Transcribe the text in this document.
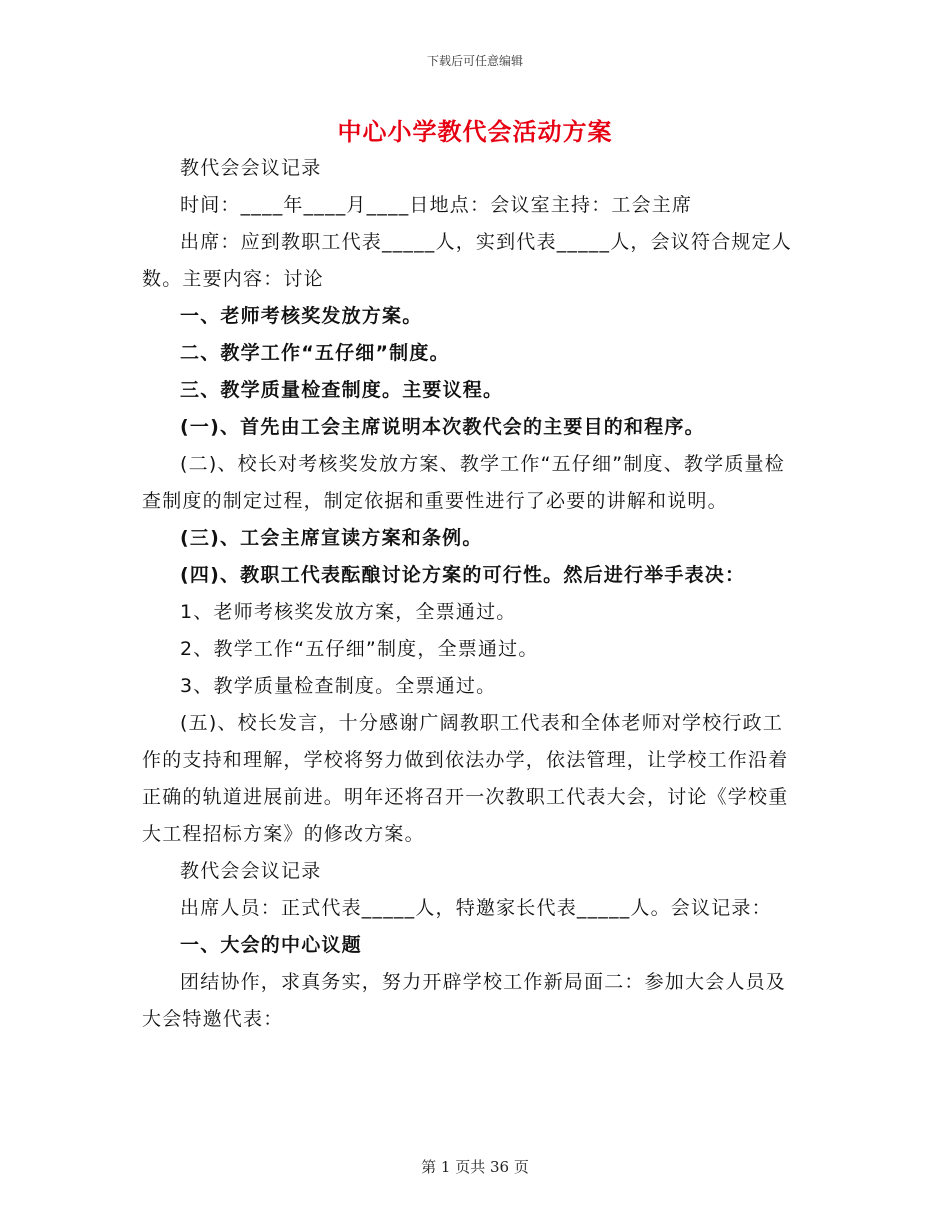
下载后可任意编辑
中心小学教代会活动方案

教代会会议记录

时间：____年____月____日地点：会议室主持：工会主席

出席：应到教职工代表_____人，实到代表_____人，会议符合规定人数。主要内容：讨论

一、老师考核奖发放方案。

二、教学工作“五仔细”制度。

三、教学质量检查制度。主要议程。

(一)、首先由工会主席说明本次教代会的主要目的和程序。

(二)、校长对考核奖发放方案、教学工作“五仔细”制度、教学质量检查制度的制定过程，制定依据和重要性进行了必要的讲解和说明。

(三)、工会主席宣读方案和条例。

(四)、教职工代表酝酿讨论方案的可行性。然后进行举手表决：

1、老师考核奖发放方案，全票通过。

2、教学工作“五仔细”制度，全票通过。

3、教学质量检查制度。全票通过。

(五)、校长发言，十分感谢广阔教职工代表和全体老师对学校行政工作的支持和理解，学校将努力做到依法办学，依法管理，让学校工作沿着正确的轨道进展前进。明年还将召开一次教职工代表大会，讨论《学校重大工程招标方案》的修改方案。

教代会会议记录

出席人员：正式代表_____人，特邀家长代表_____人。会议记录：

一、大会的中心议题

团结协作，求真务实，努力开辟学校工作新局面二：参加大会人员及大会特邀代表：

第 1 页共 36 页
